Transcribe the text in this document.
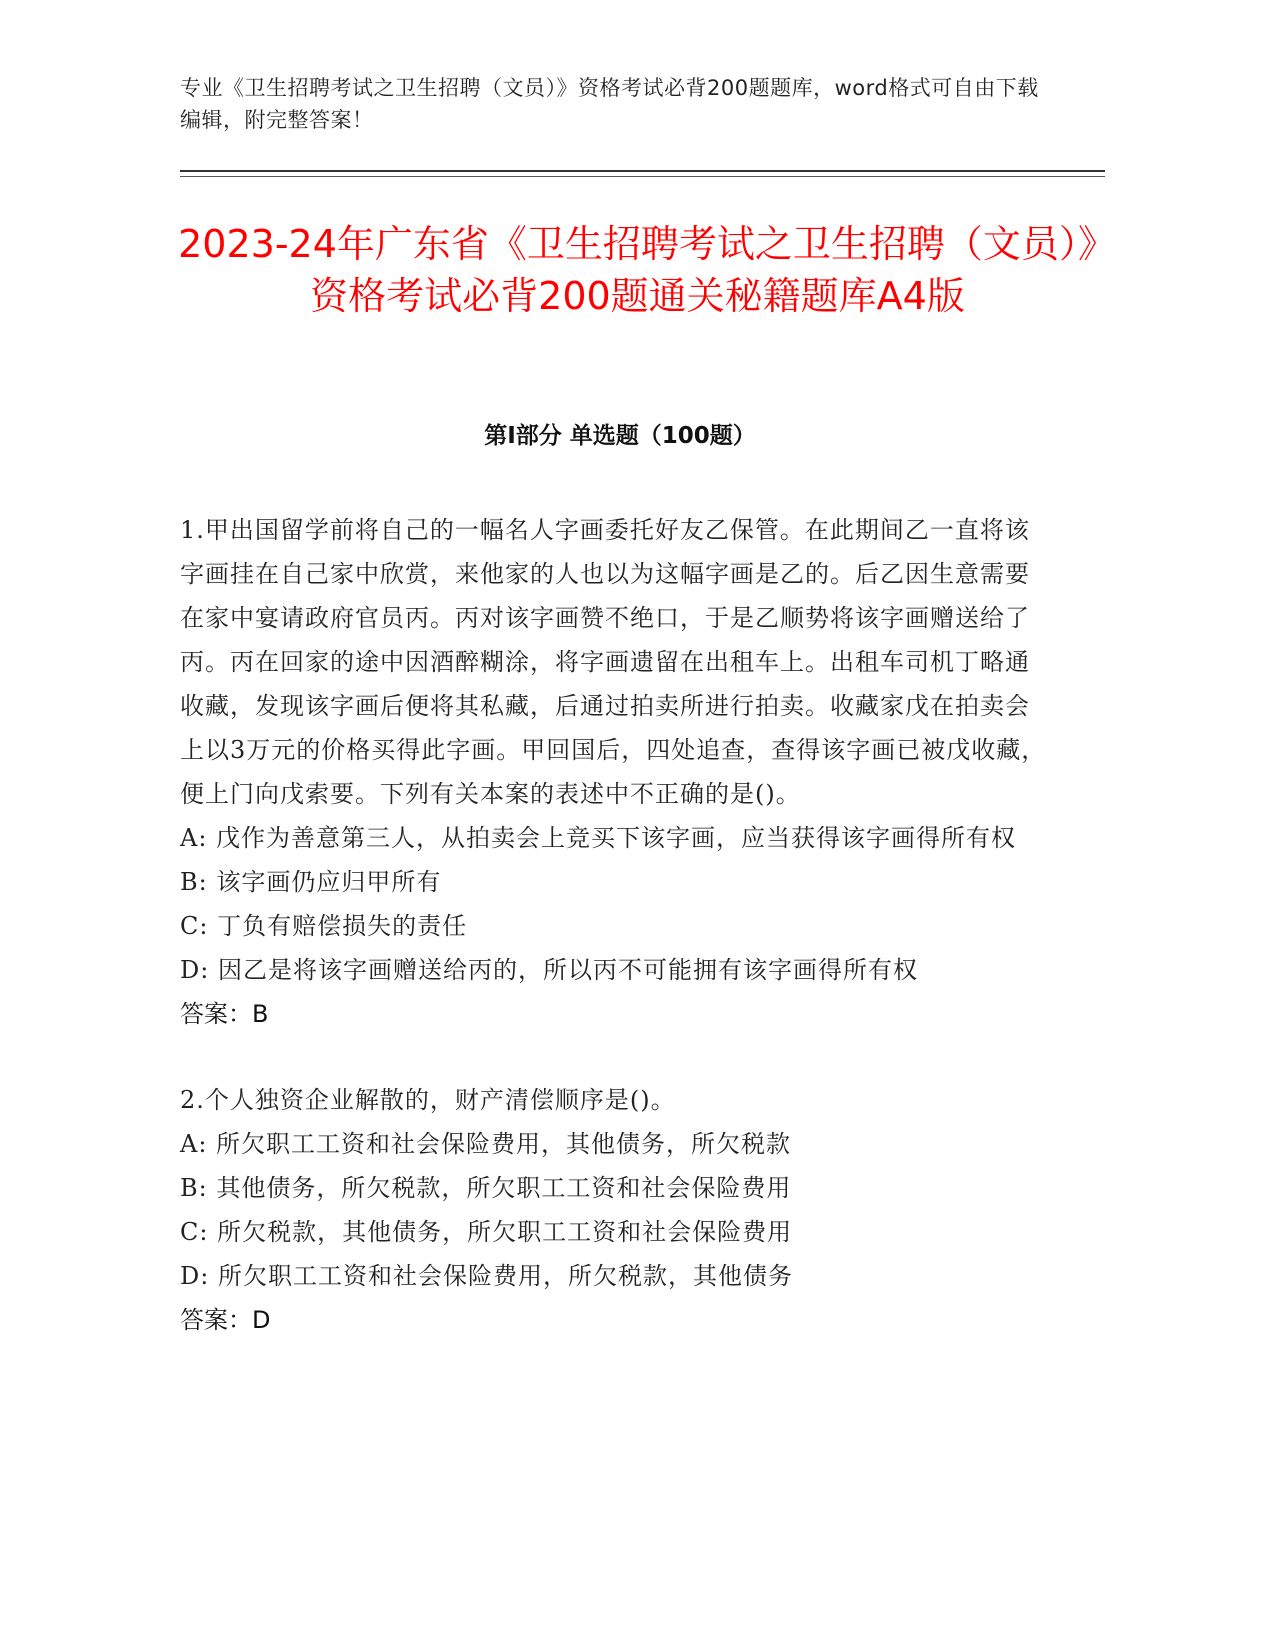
专业《卫生招聘考试之卫生招聘（文员）》资格考试必背200题题库，word格式可自由下载编辑，附完整答案！
2023-24年广东省《卫生招聘考试之卫生招聘（文员）》资格考试必背200题通关秘籍题库A4版
第I部分 单选题（100题）

1.甲出国留学前将自己的一幅名人字画委托好友乙保管。在此期间乙一直将该字画挂在自己家中欣赏，来他家的人也以为这幅字画是乙的。后乙因生意需要在家中宴请政府官员丙。丙对该字画赞不绝口，于是乙顺势将该字画赠送给了丙。丙在回家的途中因酒醉糊涂，将字画遗留在出租车上。出租车司机丁略通收藏，发现该字画后便将其私藏，后通过拍卖所进行拍卖。收藏家戊在拍卖会上以3万元的价格买得此字画。甲回国后，四处追查，查得该字画已被戊收藏，便上门向戊索要。下列有关本案的表述中不正确的是()。

A: 戊作为善意第三人，从拍卖会上竞买下该字画，应当获得该字画得所有权

B: 该字画仍应归甲所有

C: 丁负有赔偿损失的责任

D: 因乙是将该字画赠送给丙的，所以丙不可能拥有该字画得所有权

答案：B

2.个人独资企业解散的，财产清偿顺序是()。

A: 所欠职工工资和社会保险费用，其他债务，所欠税款

B: 其他债务，所欠税款，所欠职工工资和社会保险费用

C: 所欠税款，其他债务，所欠职工工资和社会保险费用

D: 所欠职工工资和社会保险费用，所欠税款，其他债务

答案：D
